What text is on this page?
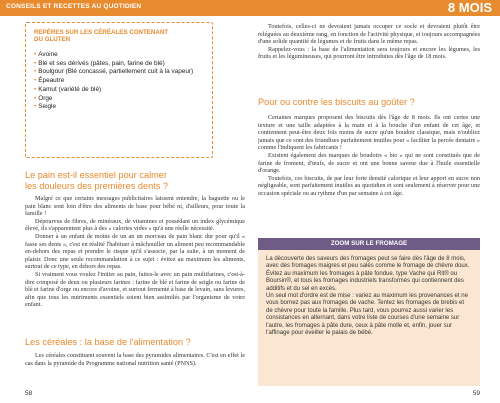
CONSEILS ET RECETTES AU QUOTIDIEN	8 MOIS
REPÈRES SUR LES CÉRÉALES CONTENANT
DU GLUTEN
• Avoine
• Blé et ses dérivés (pâtes, pain, farine de blé)
• Boulgour (Blé concassé, partiellement cuit à la vapeur)
• Épeautre
• Kamut (variété de blé)
• Orge
• Seigle
Le pain est-il essentiel pour calmer
les douleurs des premières dents ?

Malgré ce que certains messages publicitaires laissent entendre, la baguette ou le pain blanc sont loin d'être des aliments de base pour bébé ni, d'ailleurs, pour toute la famille !

Dépourvus de fibres, de minéraux, de vitamines et possédant un index glycémique élevé, ils s'apparentent plus à des « calories vides » qu'à une réelle nécessité.

Donner à un enfant de moins de un an un morceau de pain blanc dur pour qu'il « fasse ses dents », c'est en réalité l'habituer à mâchouiller un aliment peu recommandable en-dehors des repas et prendre le risque qu'il s'associe, par la suite, à un moment de plaisir. Donc une seule recommandation à ce sujet : évitez au maximum les aliments, surtout de ce type, en dehors des repas.

Si vraiment vous voulez l'initier au pain, faites-le avec un pain multifarines, c'est-à-dire composé de deux ou plusieurs farines : farine de blé et farine de seigle ou farine de blé et farine d'orge ou encore d'avoine, et surtout fermenté à base de levain, sans levures, afin que tous les nutriments essentiels soient bien assimilés par l'organisme de votre enfant.

Les céréales : la base de l'alimentation ?

Les céréales constituent souvent la base des pyramides alimentaires. C'est en effet le cas dans la pyramide du Programme national nutrition santé (PNNS).

Toutefois, celles-ci ne devraient jamais occuper ce socle et devraient plutôt être reléguées au deuxième rang, en fonction de l'activité physique, et toujours accompagnées d'une solide quantité de légumes et de fruits dans le même repas.

Rappelez-vous : la base de l'alimentation sera toujours et encore les légumes, les fruits et les légumineuses, qui pourront être introduites dès l'âge de 18 mois.

Pour ou contre les biscuits au goûter ?

Certaines marques proposent des biscuits dès l'âge de 8 mois. Ils ont certes une texture et une taille adaptées à la main et à la bouche d'un enfant de cet âge, et contiennent peut-être deux fois moins de sucre qu'un boudoir classique, mais n'oubliez jamais que ce sont des friandises parfaitement inutiles pour « faciliter la percée dentaire » comme l'indiquent les fabricants !

Existent également des marques de boudoirs « bio » qui ne sont constitués que de farine de froment, d'œufs, de sucre et ont une bonne saveur due à l'huile essentielle d'orange.

Toutefois, ces biscuits, de par leur forte densité calorique et leur apport en sucre non négligeable, sont parfaitement inutiles au quotidien et sont seulement à réserver pour une occasion spéciale ou au rythme d'un par semaine à cet âge.

ZOOM SUR LE FROMAGE

La découverte des saveurs des fromages peut se faire dès l'âge de 8 mois, avec des fromages maigres et peu salés comme le fromage de chèvre doux.

Évitez au maximum les fromages à pâte fondue, type Vache qui Rit® ou Boursin®, et tous les fromages industriels transformés qui contiennent des additifs et du sel en excès.

Un seul mot d'ordre est de mise : variez au maximum les provenances et ne vous bornez pas aux fromages de vache. Tentez les fromages de brebis et de chèvre pour toute la famille. Plus tard, vous pourrez aussi varier les consistances en alternant, dans votre liste de courses d'une semaine sur l'autre, les fromages à pâte dure, ceux à pâte molle et, enfin, jouer sur l'affinage pour éveiller le palais de bébé.

58	59
